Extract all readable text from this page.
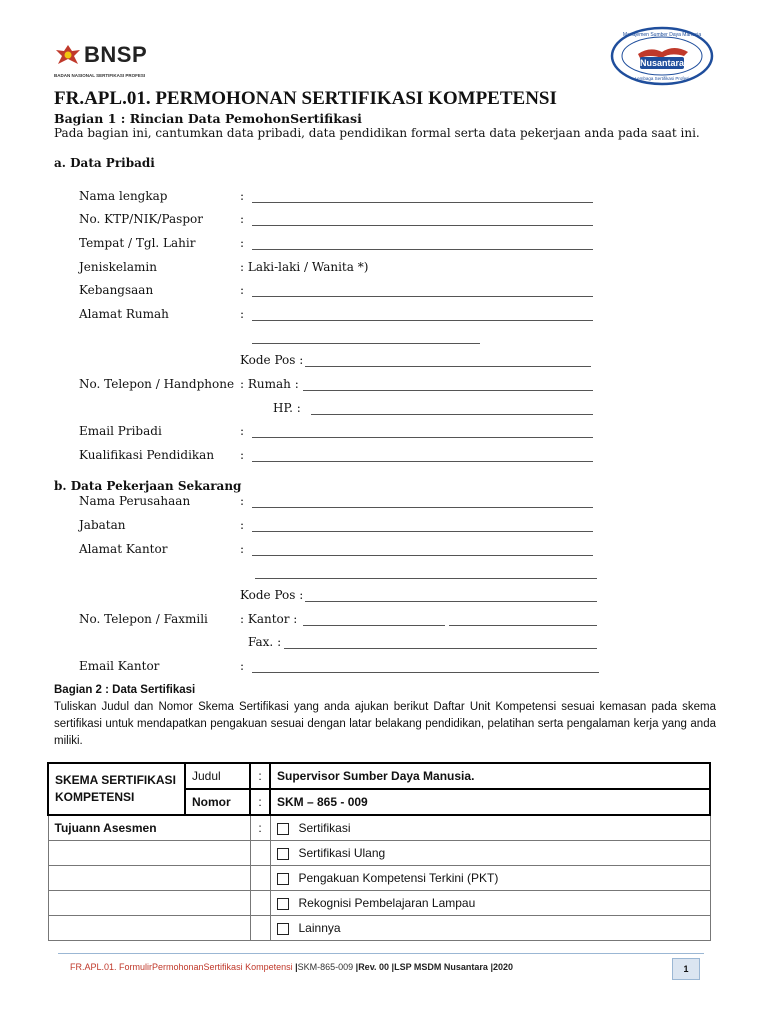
BNSP
BADAN NASIONAL SERTIFIKASI PROFESI
Nusantara
Manajemen Sumber Daya Manusia
Lembaga Sertifikasi Profesi
FR.APL.01. PERMOHONAN SERTIFIKASI KOMPETENSI
Bagian 1 : Rincian Data PemohonSertifikasi
Pada bagian ini, cantumkan data pribadi, data pendidikan formal serta data pekerjaan anda pada saat ini.
a. Data Pribadi
Nama lengkap	:
No. KTP/NIK/Paspor	:
Tempat / Tgl. Lahir	:
Jeniskelamin	: Laki-laki / Wanita *)
Kebangsaan	:
Alamat Rumah	:
Kode Pos :
No. Telepon / Handphone : Rumah :
HP. :
Email Pribadi	:
Kualifikasi Pendidikan :
b. Data Pekerjaan Sekarang
Nama Perusahaan	:
Jabatan	:
Alamat Kantor	:
Kode Pos :
No. Telepon / Faxmili	: Kantor :
Fax. :
Email Kantor	:
Bagian 2 : Data Sertifikasi
Tuliskan Judul dan Nomor Skema Sertifikasi yang anda ajukan berikut Daftar Unit Kompetensi sesuai kemasan pada skema sertifikasi untuk mendapatkan pengakuan sesuai dengan latar belakang pendidikan, pelatihan serta pengalaman kerja yang anda miliki.
SKEMA SERTIFIKASI KOMPETENSI	Judul	:	Supervisor Sumber Daya Manusia.
	Nomor	:	SKM – 865 - 009
Tujuann Asesmen		:	Sertifikasi
			Sertifikasi Ulang
			Pengakuan Kompetensi Terkini (PKT)
			Rekognisi Pembelajaran Lampau
			Lainnya
FR.APL.01. FormulirPermohonanSertifikasi Kompetensi |SKM-865-009 |Rev. 00 |LSP MSDM Nusantara |2020	1
